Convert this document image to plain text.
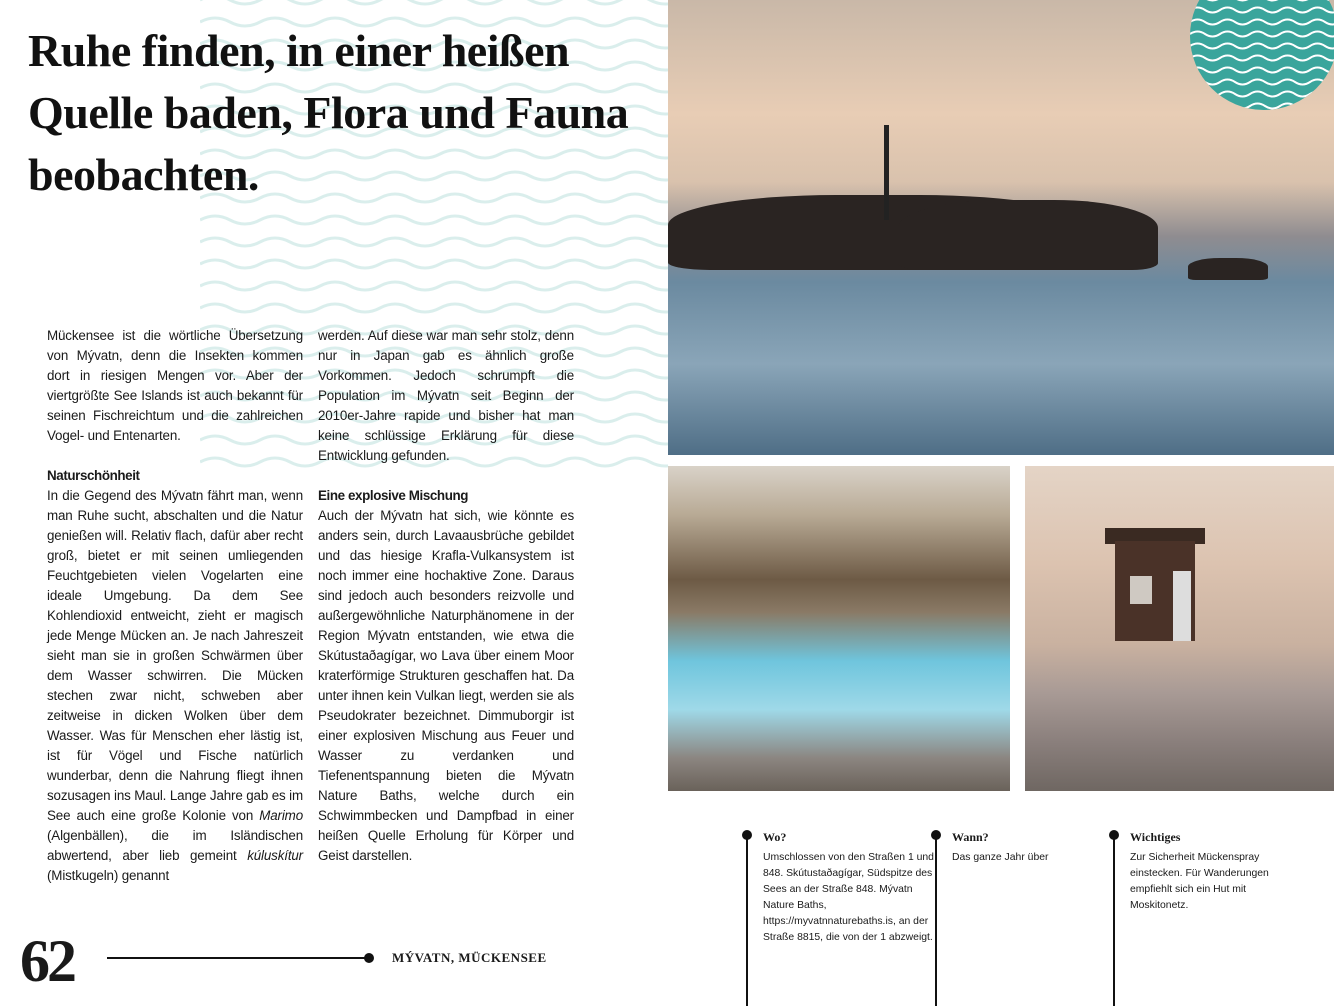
Ruhe finden, in einer heißen Quelle baden, Flora und Fauna beobachten.

Mückensee ist die wörtliche Übersetzung von Mývatn, denn die Insekten kommen dort in riesigen Mengen vor. Aber der viertgrößte See Islands ist auch bekannt für seinen Fischreichtum und die zahlreichen Vogel- und Entenarten.

Naturschönheit

In die Gegend des Mývatn fährt man, wenn man Ruhe sucht, abschalten und die Natur genießen will. Relativ flach, dafür aber recht groß, bietet er mit seinen umliegenden Feuchtgebieten vielen Vogelarten eine ideale Umgebung. Da dem See Kohlendioxid entweicht, zieht er magisch jede Menge Mücken an. Je nach Jahreszeit sieht man sie in großen Schwärmen über dem Wasser schwirren. Die Mücken stechen zwar nicht, schweben aber zeitweise in dicken Wolken über dem Wasser. Was für Menschen eher lästig ist, ist für Vögel und Fische natürlich wunderbar, denn die Nahrung fliegt ihnen sozusagen ins Maul. Lange Jahre gab es im See auch eine große Kolonie von Marimo (Algenbällen), die im Isländischen abwertend, aber lieb gemeint kúluskítur (Mistkugeln) genannt

werden. Auf diese war man sehr stolz, denn nur in Japan gab es ähnlich große Vorkommen. Jedoch schrumpft die Population im Mývatn seit Beginn der 2010er-Jahre rapide und bisher hat man keine schlüssige Erklärung für diese Entwicklung gefunden.

Eine explosive Mischung

Auch der Mývatn hat sich, wie könnte es anders sein, durch Lavaausbrüche gebildet und das hiesige Krafla-Vulkansystem ist noch immer eine hochaktive Zone. Daraus sind jedoch auch besonders reizvolle und außergewöhnliche Naturphänomene in der Region Mývatn entstanden, wie etwa die Skútustaðagígar, wo Lava über einem Moor kraterförmige Strukturen geschaffen hat. Da unter ihnen kein Vulkan liegt, werden sie als Pseudokrater bezeichnet. Dimmuborgir ist einer explosiven Mischung aus Feuer und Wasser zu verdanken und Tiefenentspannung bieten die Mývatn Nature Baths, welche durch ein Schwimmbecken und Dampfbad in einer heißen Quelle Erholung für Körper und Geist darstellen.

62	MÝVATN, MÜCKENSEE
Wo?
Umschlossen von den Straßen 1 und 848. Skútustaðagígar, Südspitze des Sees an der Straße 848. Mývatn Nature Baths, https://myvatnnaturebaths.is, an der Straße 8815, die von der 1 abzweigt.
Wann?
Das ganze Jahr über
Wichtiges
Zur Sicherheit Mückenspray einstecken. Für Wanderungen empfiehlt sich ein Hut mit Moskitonetz.
